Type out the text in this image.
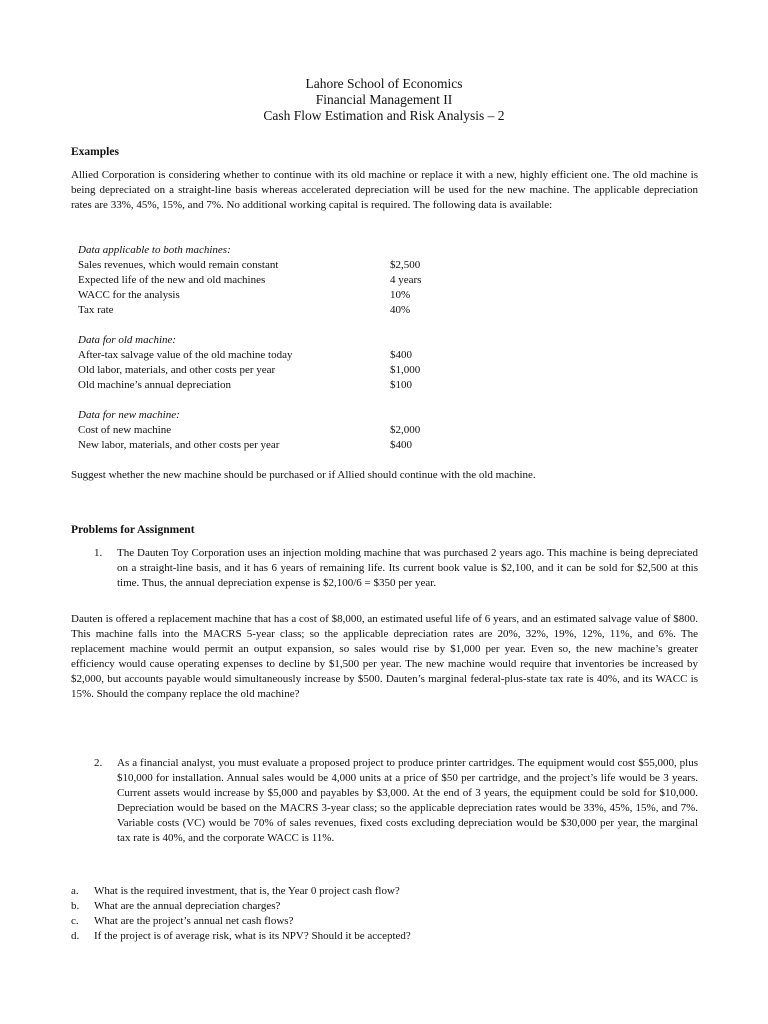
Lahore School of Economics
Financial Management II
Cash Flow Estimation and Risk Analysis – 2
Examples
Allied Corporation is considering whether to continue with its old machine or replace it with a new, highly efficient one. The old machine is being depreciated on a straight-line basis whereas accelerated depreciation will be used for the new machine. The applicable depreciation rates are 33%, 45%, 15%, and 7%. No additional working capital is required. The following data is available:
Data applicable to both machines:
Sales revenues, which would remain constant	$2,500
Expected life of the new and old machines	4 years
WACC for the analysis	10%
Tax rate	40%
Data for old machine:
After-tax salvage value of the old machine today	$400
Old labor, materials, and other costs per year	$1,000
Old machine’s annual depreciation	$100
Data for new machine:
Cost of new machine	$2,000
New labor, materials, and other costs per year	$400
Suggest whether the new machine should be purchased or if Allied should continue with the old machine.
Problems for Assignment
1. The Dauten Toy Corporation uses an injection molding machine that was purchased 2 years ago. This machine is being depreciated on a straight-line basis, and it has 6 years of remaining life. Its current book value is $2,100, and it can be sold for $2,500 at this time. Thus, the annual depreciation expense is $2,100/6 = $350 per year.
Dauten is offered a replacement machine that has a cost of $8,000, an estimated useful life of 6 years, and an estimated salvage value of $800. This machine falls into the MACRS 5-year class; so the applicable depreciation rates are 20%, 32%, 19%, 12%, 11%, and 6%. The replacement machine would permit an output expansion, so sales would rise by $1,000 per year. Even so, the new machine’s greater efficiency would cause operating expenses to decline by $1,500 per year. The new machine would require that inventories be increased by $2,000, but accounts payable would simultaneously increase by $500. Dauten’s marginal federal-plus-state tax rate is 40%, and its WACC is 15%. Should the company replace the old machine?
2. As a financial analyst, you must evaluate a proposed project to produce printer cartridges. The equipment would cost $55,000, plus $10,000 for installation. Annual sales would be 4,000 units at a price of $50 per cartridge, and the project’s life would be 3 years. Current assets would increase by $5,000 and payables by $3,000. At the end of 3 years, the equipment could be sold for $10,000. Depreciation would be based on the MACRS 3-year class; so the applicable depreciation rates would be 33%, 45%, 15%, and 7%. Variable costs (VC) would be 70% of sales revenues, fixed costs excluding depreciation would be $30,000 per year, the marginal tax rate is 40%, and the corporate WACC is 11%.
a. What is the required investment, that is, the Year 0 project cash flow?
b. What are the annual depreciation charges?
c. What are the project’s annual net cash flows?
d. If the project is of average risk, what is its NPV? Should it be accepted?
